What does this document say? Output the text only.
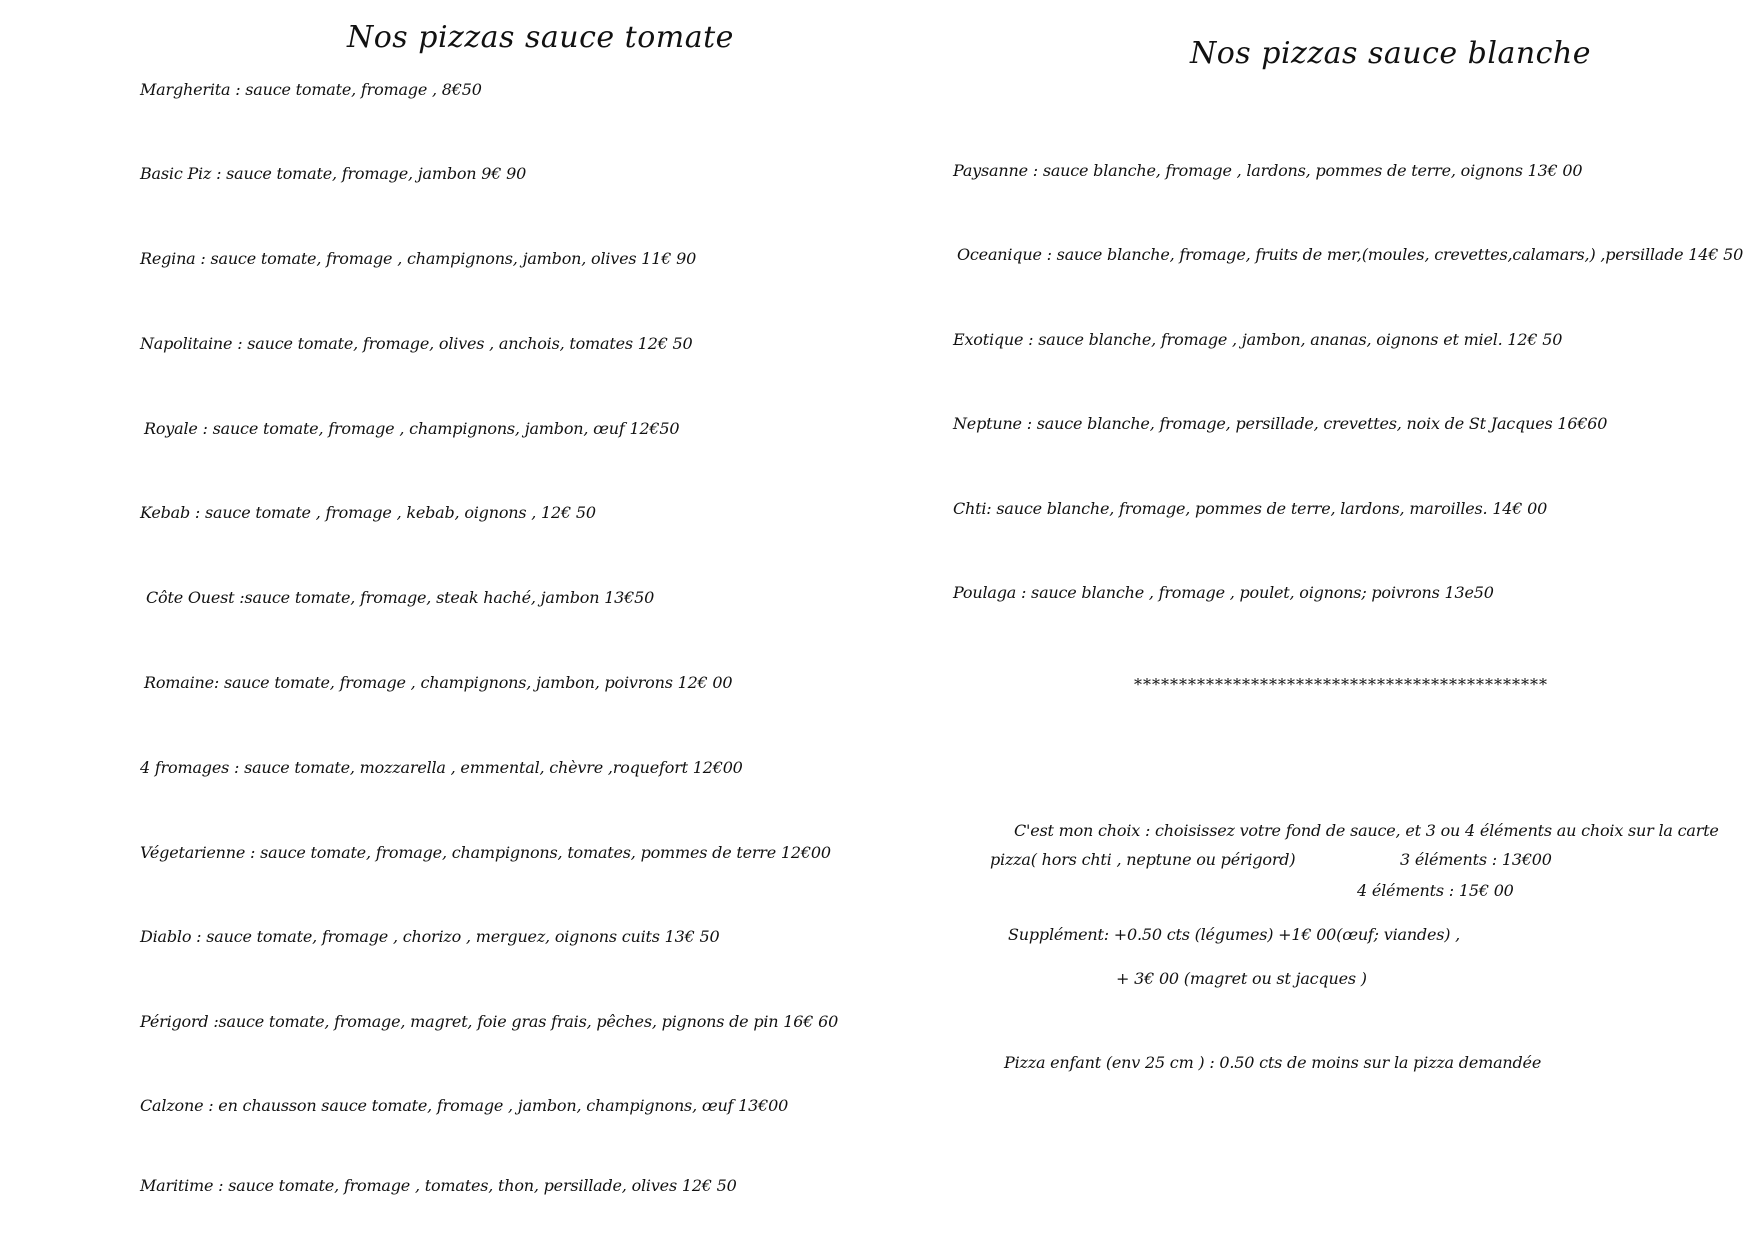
Nos pizzas sauce tomate
Margherita : sauce tomate, fromage , 8€50
Basic Piz : sauce tomate, fromage, jambon 9€ 90
Regina : sauce tomate, fromage , champignons, jambon, olives 11€ 90
Napolitaine : sauce tomate, fromage, olives , anchois, tomates 12€ 50
Royale : sauce tomate, fromage , champignons, jambon, œuf 12€50
Kebab : sauce tomate , fromage , kebab, oignons , 12€ 50
Côte Ouest :sauce tomate, fromage, steak haché, jambon 13€50
Romaine: sauce tomate, fromage , champignons, jambon, poivrons 12€ 00
4 fromages : sauce tomate, mozzarella , emmental, chèvre ,roquefort 12€00
Végetarienne : sauce tomate, fromage, champignons, tomates, pommes de terre 12€00
Diablo : sauce tomate, fromage , chorizo , merguez, oignons cuits 13€ 50
Périgord :sauce tomate, fromage, magret, foie gras frais, pêches, pignons de pin 16€ 60
Calzone : en chausson sauce tomate, fromage , jambon, champignons, œuf 13€00
Maritime : sauce tomate, fromage , tomates, thon, persillade, olives 12€ 50
Nos pizzas sauce blanche
Paysanne : sauce blanche, fromage , lardons, pommes de terre, oignons 13€ 00
Oceanique : sauce blanche, fromage, fruits de mer,(moules, crevettes,calamars,) ,persillade 14€ 50
Exotique : sauce blanche, fromage , jambon, ananas, oignons et miel. 12€ 50
Neptune : sauce blanche, fromage, persillade, crevettes, noix de St Jacques 16€60
Chti: sauce blanche, fromage, pommes de terre, lardons, maroilles. 14€ 00
Poulaga : sauce blanche , fromage , poulet, oignons; poivrons 13e50
**********************************************
C'est mon choix : choisissez votre fond de sauce, et 3 ou 4 éléments au choix sur la carte
pizza( hors chti , neptune ou périgord)	3 éléments : 13€00
4 éléments : 15€ 00
Supplément: +0.50 cts (légumes) +1€ 00(œuf; viandes) ,
+ 3€ 00 (magret ou st jacques )
Pizza enfant (env 25 cm ) : 0.50 cts de moins sur la pizza demandée
